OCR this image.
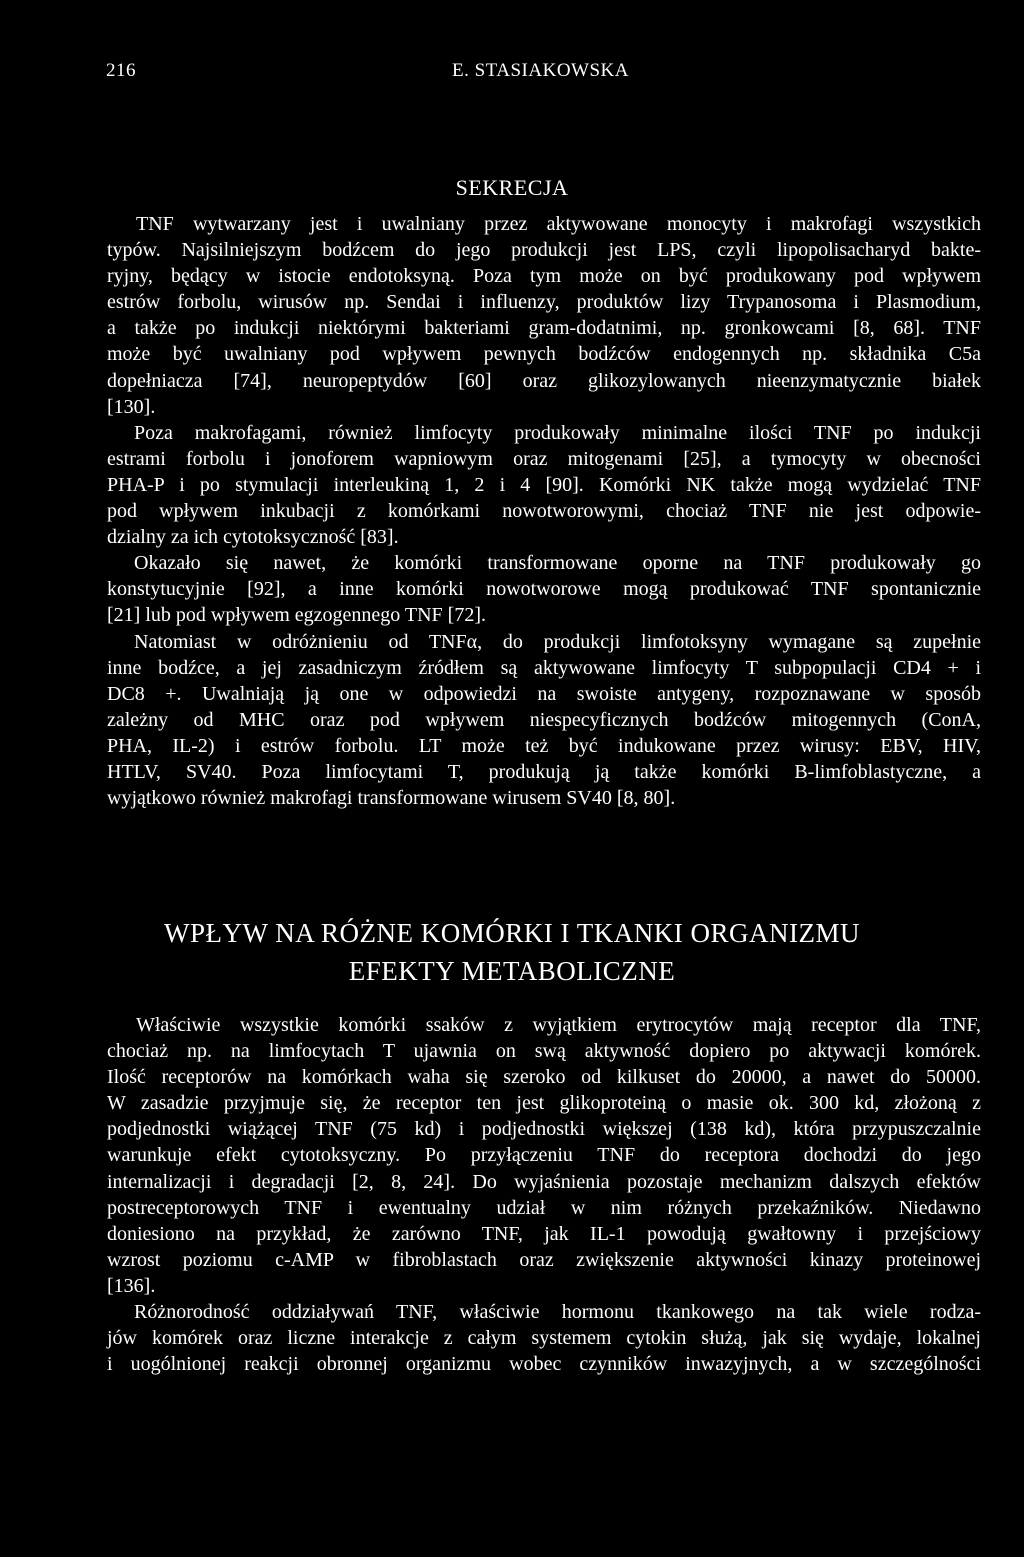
216	E. STASIAKOWSKA
SEKRECJA
TNF wytwarzany jest i uwalniany przez aktywowane monocyty i makrofagi wszystkich
typów. Najsilniejszym bodźcem do jego produkcji jest LPS, czyli lipopolisacharyd bakte-
ryjny, będący w istocie endotoksyną. Poza tym może on być produkowany pod wpływem
estrów forbolu, wirusów np. Sendai i influenzy, produktów lizy Trypanosoma i Plasmodium,
a także po indukcji niektórymi bakteriami gram-dodatnimi, np. gronkowcami [8, 68]. TNF
może być uwalniany pod wpływem pewnych bodźców endogennych np. składnika C5a
dopełniacza [74], neuropeptydów [60] oraz glikozylowanych nieenzymatycznie białek
[130].
Poza makrofagami, również limfocyty produkowały minimalne ilości TNF po indukcji
estrami forbolu i jonoforem wapniowym oraz mitogenami [25], a tymocyty w obecności
PHA-P i po stymulacji interleukiną 1, 2 i 4 [90]. Komórki NK także mogą wydzielać TNF
pod wpływem inkubacji z komórkami nowotworowymi, chociaż TNF nie jest odpowie-
dzialny za ich cytotoksyczność [83].
Okazało się nawet, że komórki transformowane oporne na TNF produkowały go
konstytucyjnie [92], a inne komórki nowotworowe mogą produkować TNF spontanicznie
[21] lub pod wpływem egzogennego TNF [72].
Natomiast w odróżnieniu od TNFα, do produkcji limfotoksyny wymagane są zupełnie
inne bodźce, a jej zasadniczym źródłem są aktywowane limfocyty T subpopulacji CD4 + i
DC8 +. Uwalniają ją one w odpowiedzi na swoiste antygeny, rozpoznawane w sposób
zależny od MHC oraz pod wpływem niespecyficznych bodźców mitogennych (ConA,
PHA, IL-2) i estrów forbolu. LT może też być indukowane przez wirusy: EBV, HIV,
HTLV, SV40. Poza limfocytami T, produkują ją także komórki B-limfoblastyczne, a
wyjątkowo również makrofagi transformowane wirusem SV40 [8, 80].
WPŁYW NA RÓŻNE KOMÓRKI I TKANKI ORGANIZMU
EFEKTY METABOLICZNE
Właściwie wszystkie komórki ssaków z wyjątkiem erytrocytów mają receptor dla TNF,
chociaż np. na limfocytach T ujawnia on swą aktywność dopiero po aktywacji komórek.
Ilość receptorów na komórkach waha się szeroko od kilkuset do 20000, a nawet do 50000.
W zasadzie przyjmuje się, że receptor ten jest glikoproteiną o masie ok. 300 kd, złożoną z
podjednostki wiążącej TNF (75 kd) i podjednostki większej (138 kd), która przypuszczalnie
warunkuje efekt cytotoksyczny. Po przyłączeniu TNF do receptora dochodzi do jego
internalizacji i degradacji [2, 8, 24]. Do wyjaśnienia pozostaje mechanizm dalszych efektów
postreceptorowych TNF i ewentualny udział w nim różnych przekaźników. Niedawno
doniesiono na przykład, że zarówno TNF, jak IL-1 powodują gwałtowny i przejściowy
wzrost poziomu c-AMP w fibroblastach oraz zwiększenie aktywności kinazy proteinowej
[136].
Różnorodność oddziaływań TNF, właściwie hormonu tkankowego na tak wiele rodza-
jów komórek oraz liczne interakcje z całym systemem cytokin służą, jak się wydaje, lokalnej
i uogólnionej reakcji obronnej organizmu wobec czynników inwazyjnych, a w szczególności
